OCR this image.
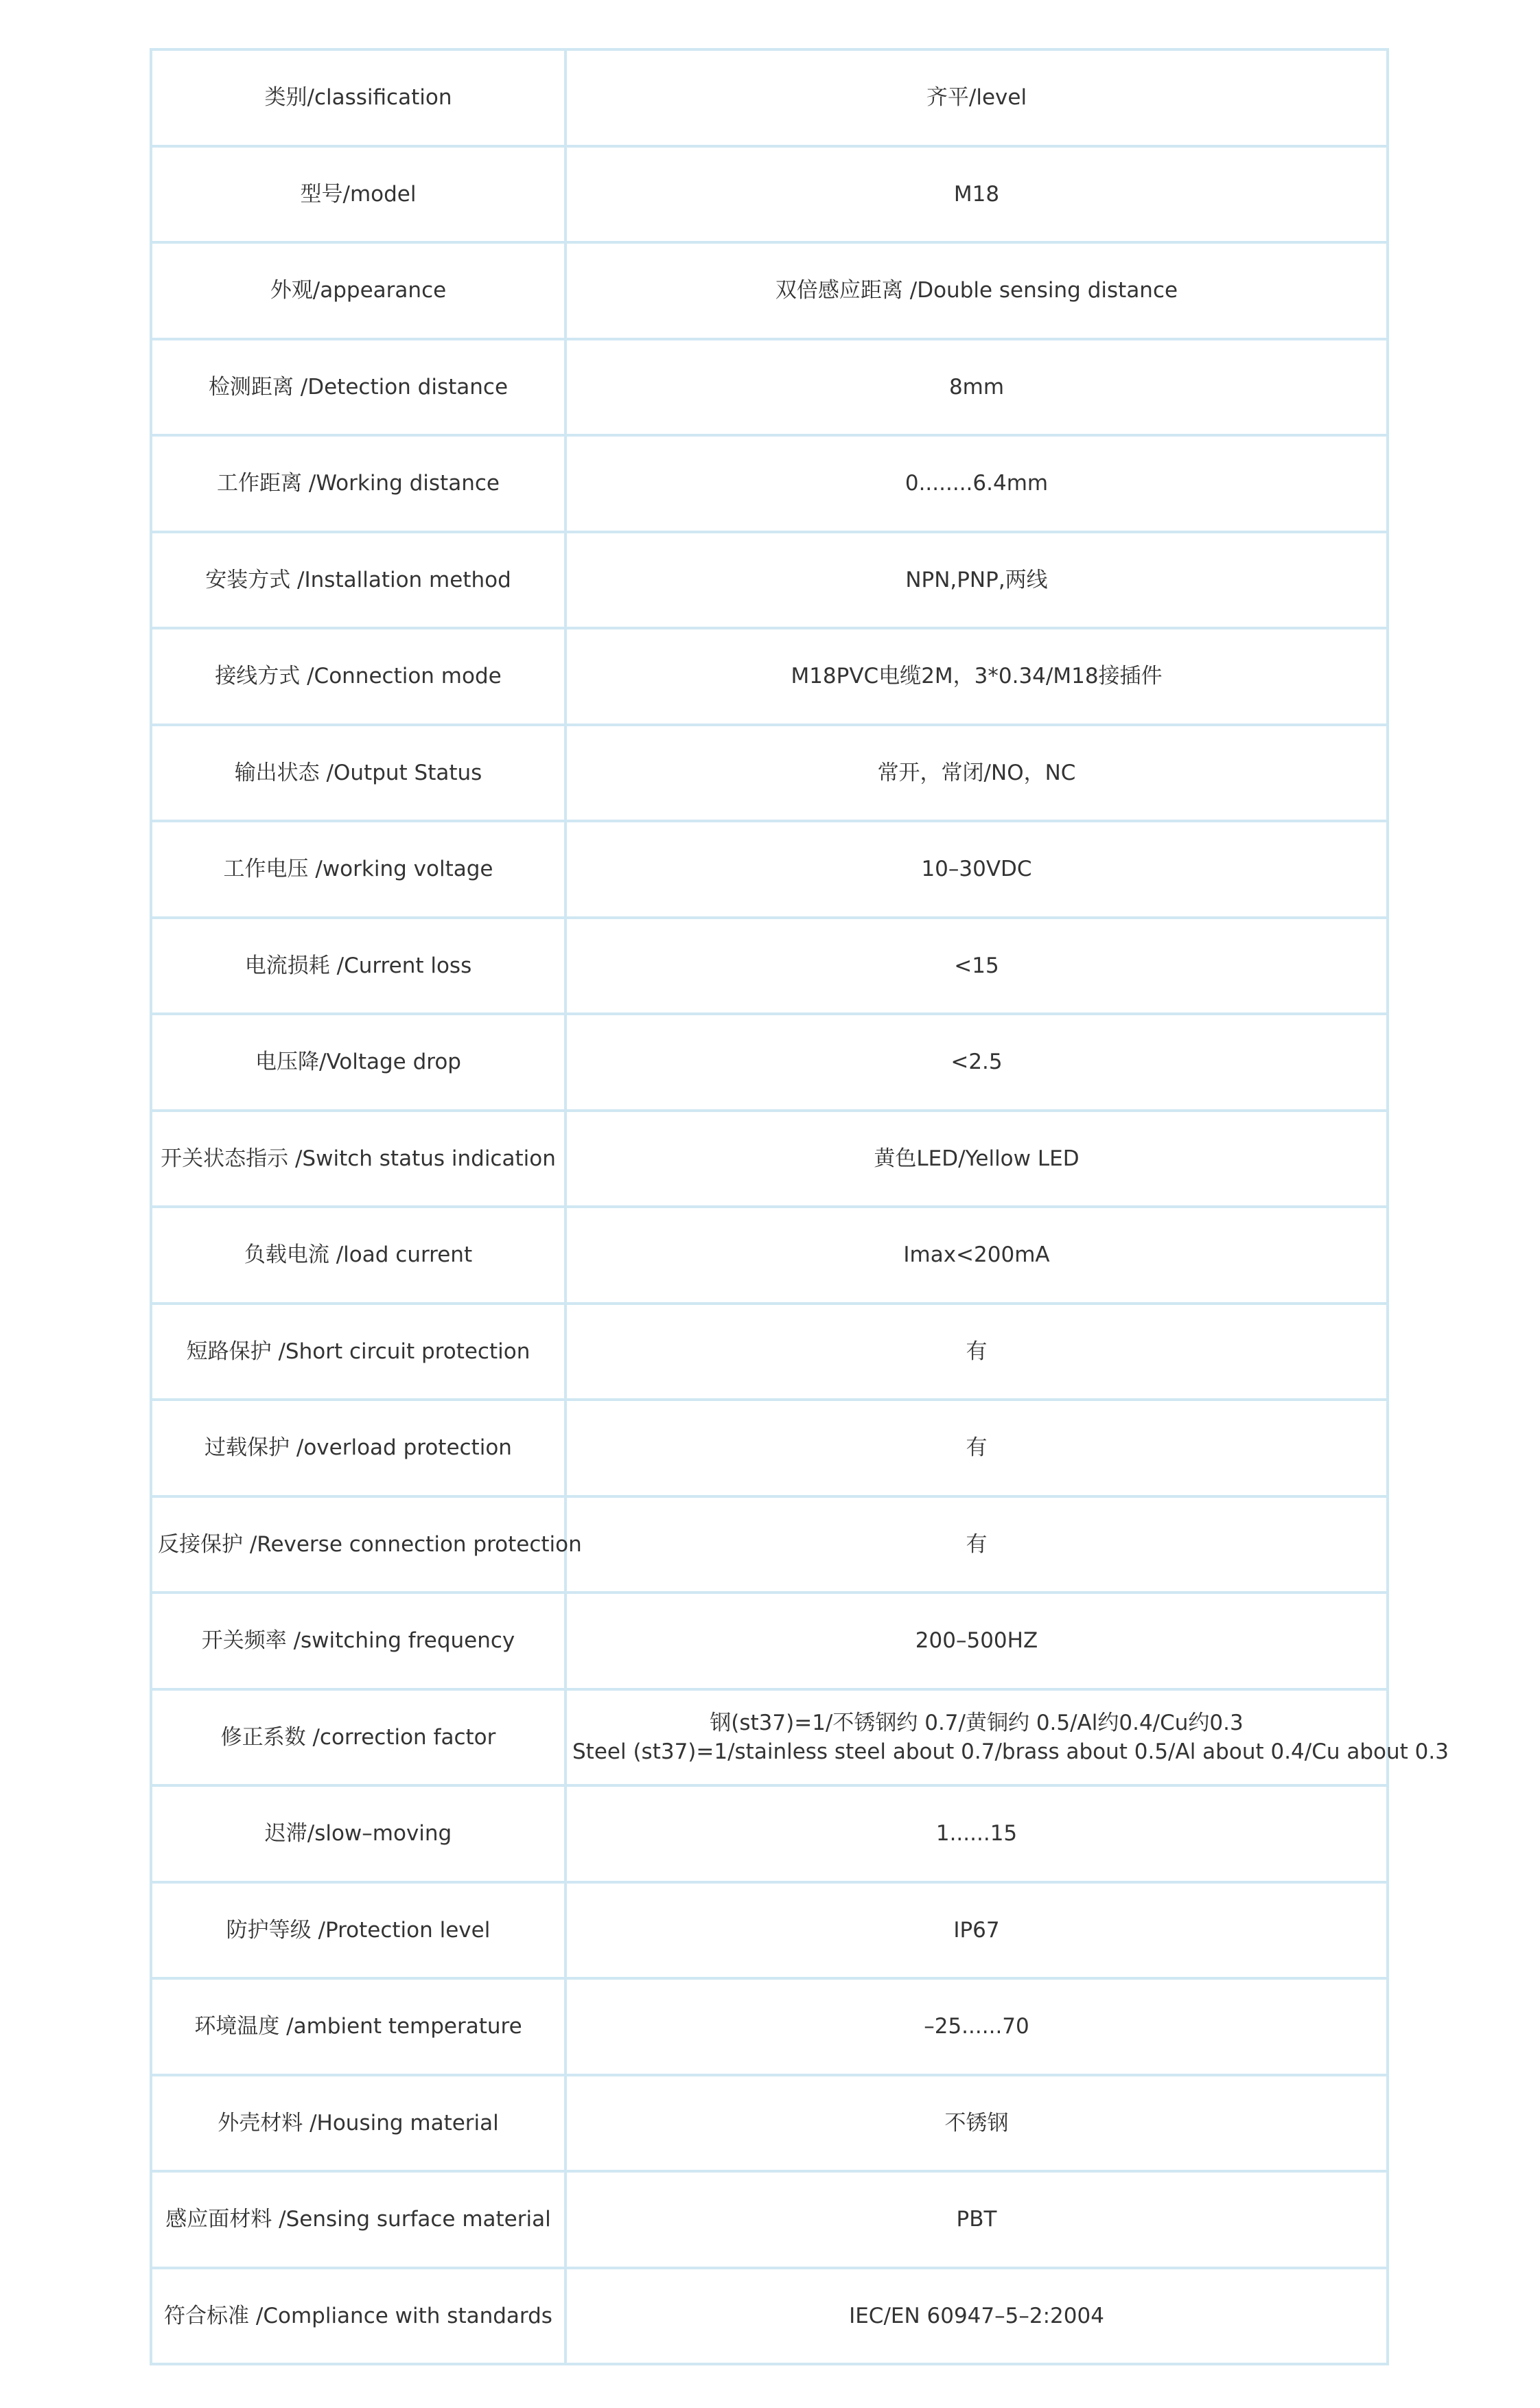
类别/classification	齐平/level

型号/model	M18

外观/appearance	双倍感应距离 /Double sensing distance

检测距离 /Detection distance	8mm

工作距离 /Working distance	0........6.4mm

安装方式 /Installation method	NPN,PNP,两线

接线方式 /Connection mode	M18PVC电缆2M，3*0.34/M18接插件

输出状态 /Output Status	常开，常闭/NO，NC

工作电压 /working voltage	10–30VDC

电流损耗 /Current loss	<15

电压降/Voltage drop	<2.5

开关状态指示 /Switch status indication	黄色LED/Yellow LED

负载电流 /load current	Imax<200mA

短路保护 /Short circuit protection	有

过载保护 /overload protection	有

反接保护 /Reverse connection protection	有

开关频率 /switching frequency	200–500HZ

修正系数 /correction factor	钢(st37)=1/不锈钢约 0.7/黄铜约 0.5/Al约0.4/Cu约0.3
Steel (st37)=1/stainless steel about 0.7/brass about 0.5/Al about 0.4/Cu about 0.3

迟滞/slow–moving	1......15

防护等级 /Protection level	IP67

环境温度 /ambient temperature	–25......70

外壳材料 /Housing material	不锈钢

感应面材料 /Sensing surface material	PBT

符合标准 /Compliance with standards	IEC/EN 60947–5–2:2004
